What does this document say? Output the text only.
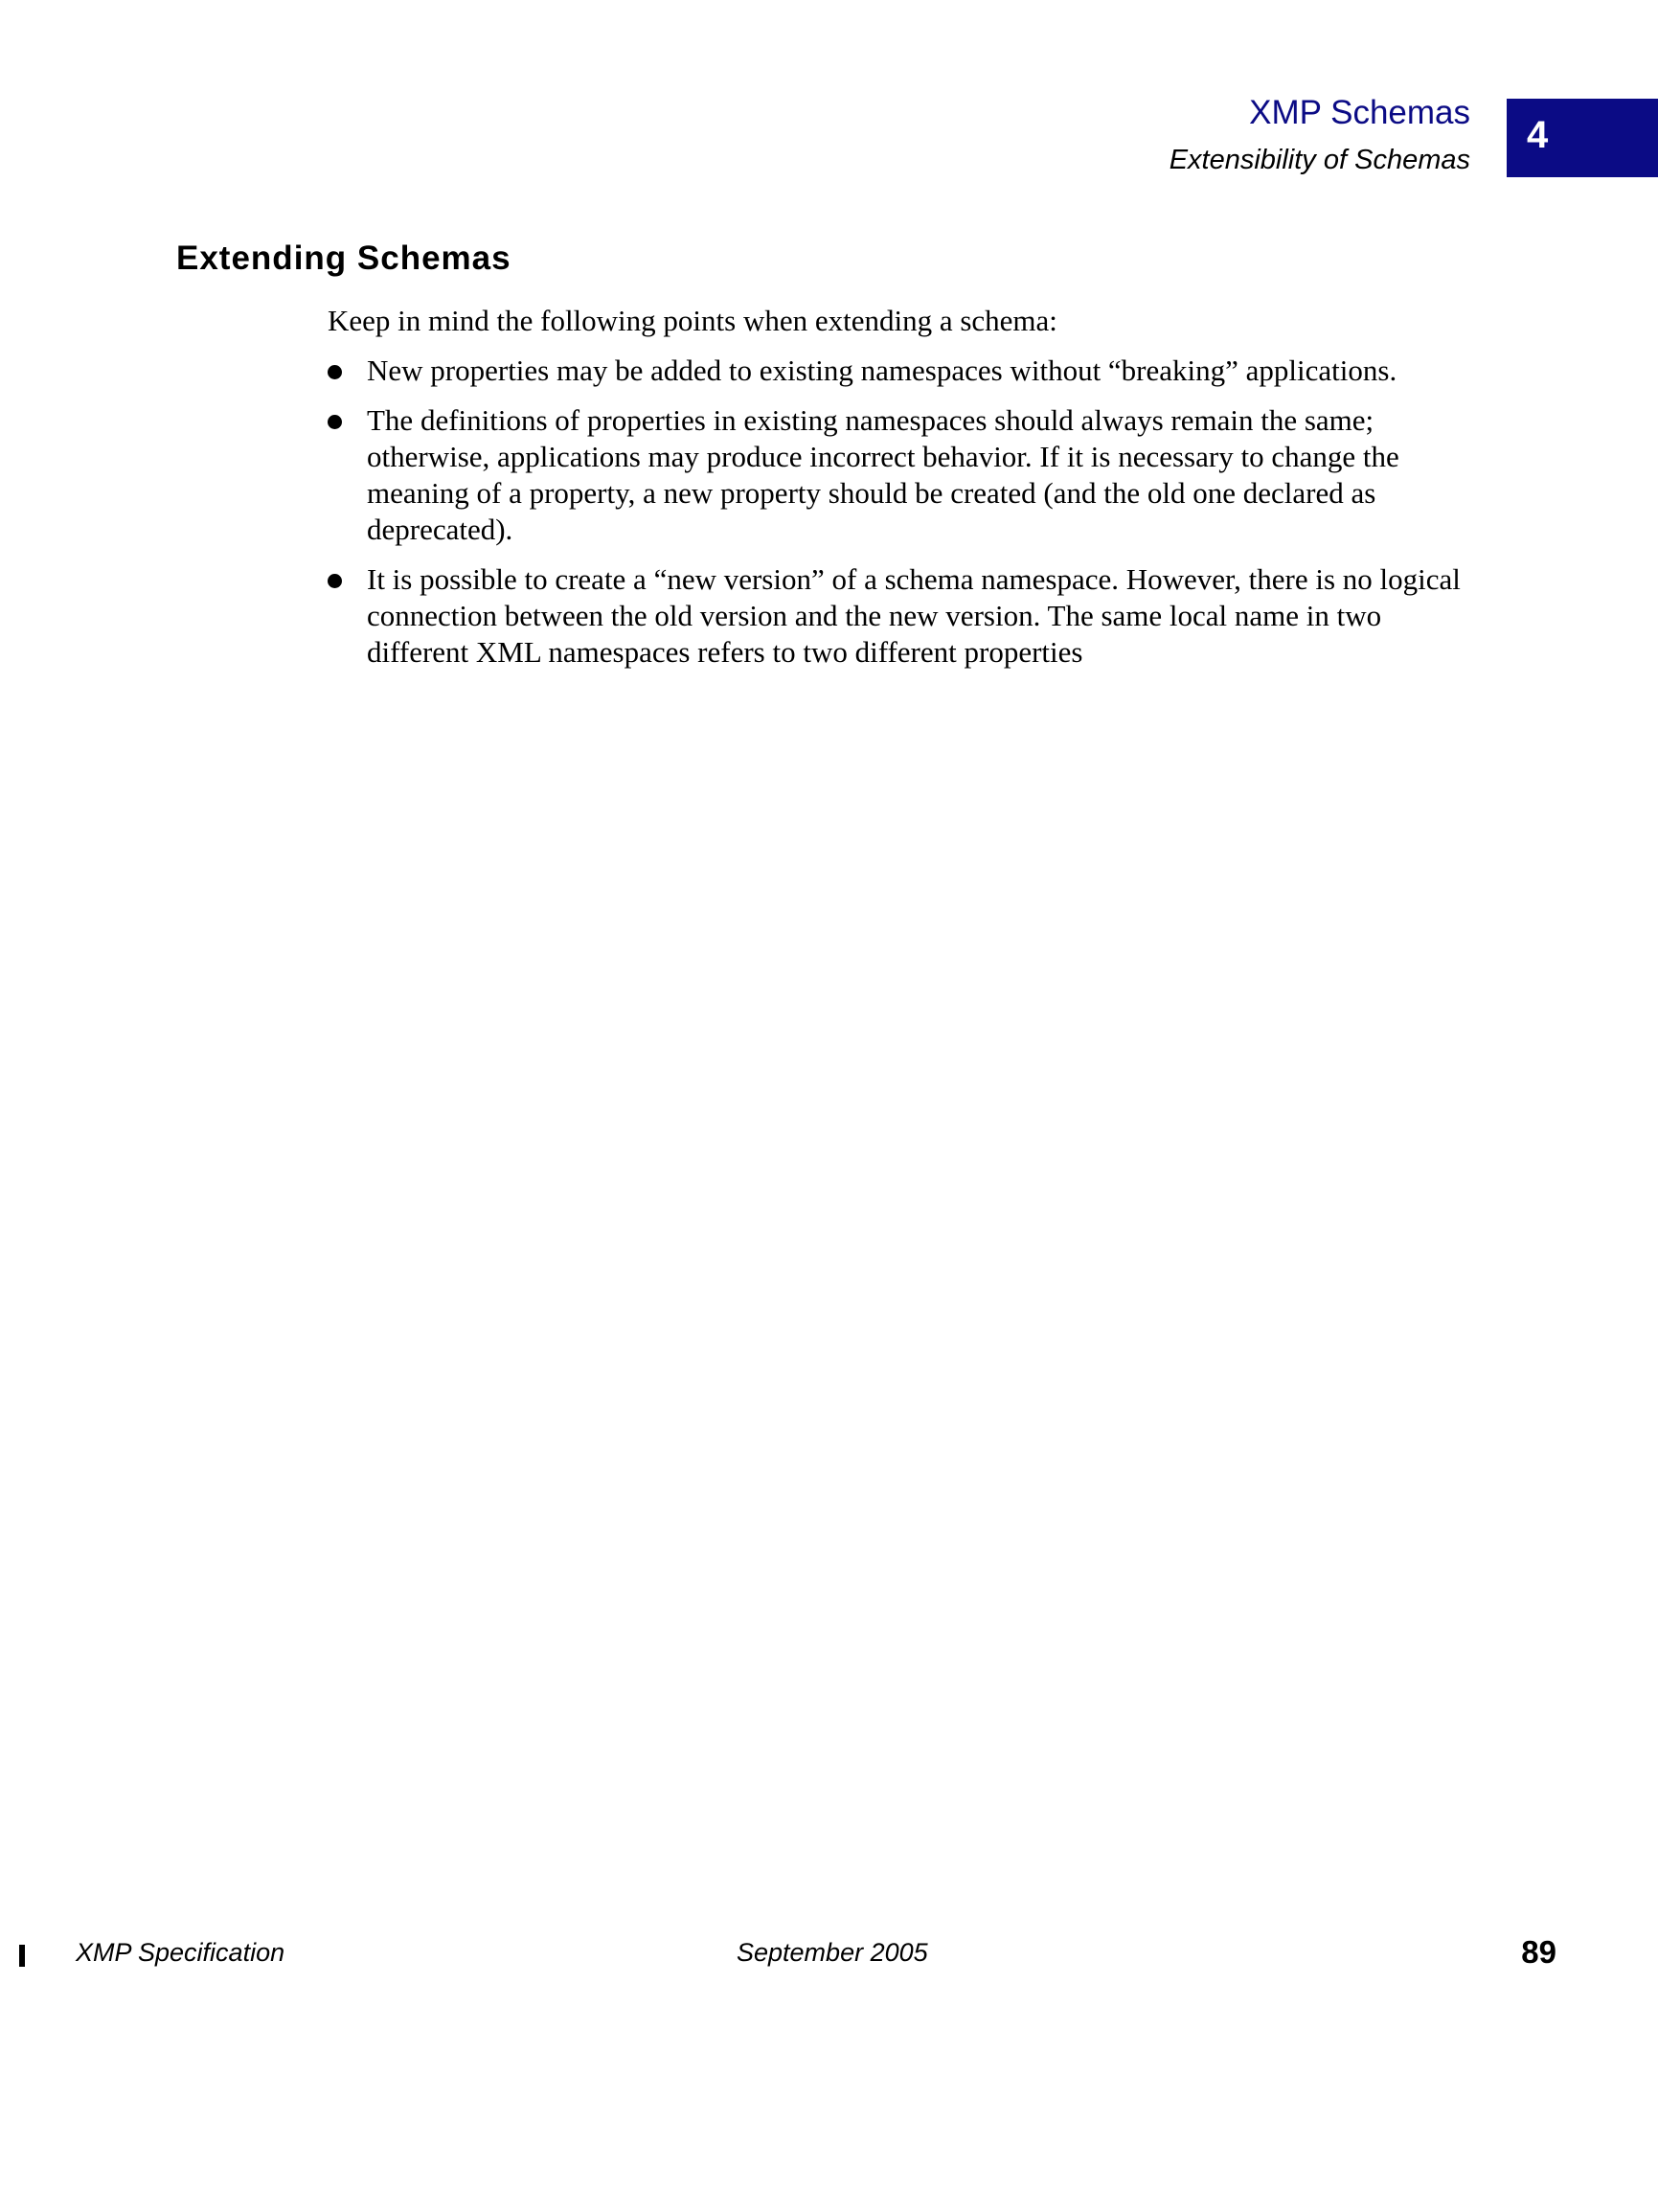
XMP Schemas
Extensibility of Schemas
4
Extending Schemas

Keep in mind the following points when extending a schema:

New properties may be added to existing namespaces without “breaking” applications.
The definitions of properties in existing namespaces should always remain the same; otherwise, applications may produce incorrect behavior. If it is necessary to change the meaning of a property, a new property should be created (and the old one declared as deprecated).
It is possible to create a “new version” of a schema namespace. However, there is no logical connection between the old version and the new version. The same local name in two different XML namespaces refers to two different properties
XMP Specification	September 2005	89
